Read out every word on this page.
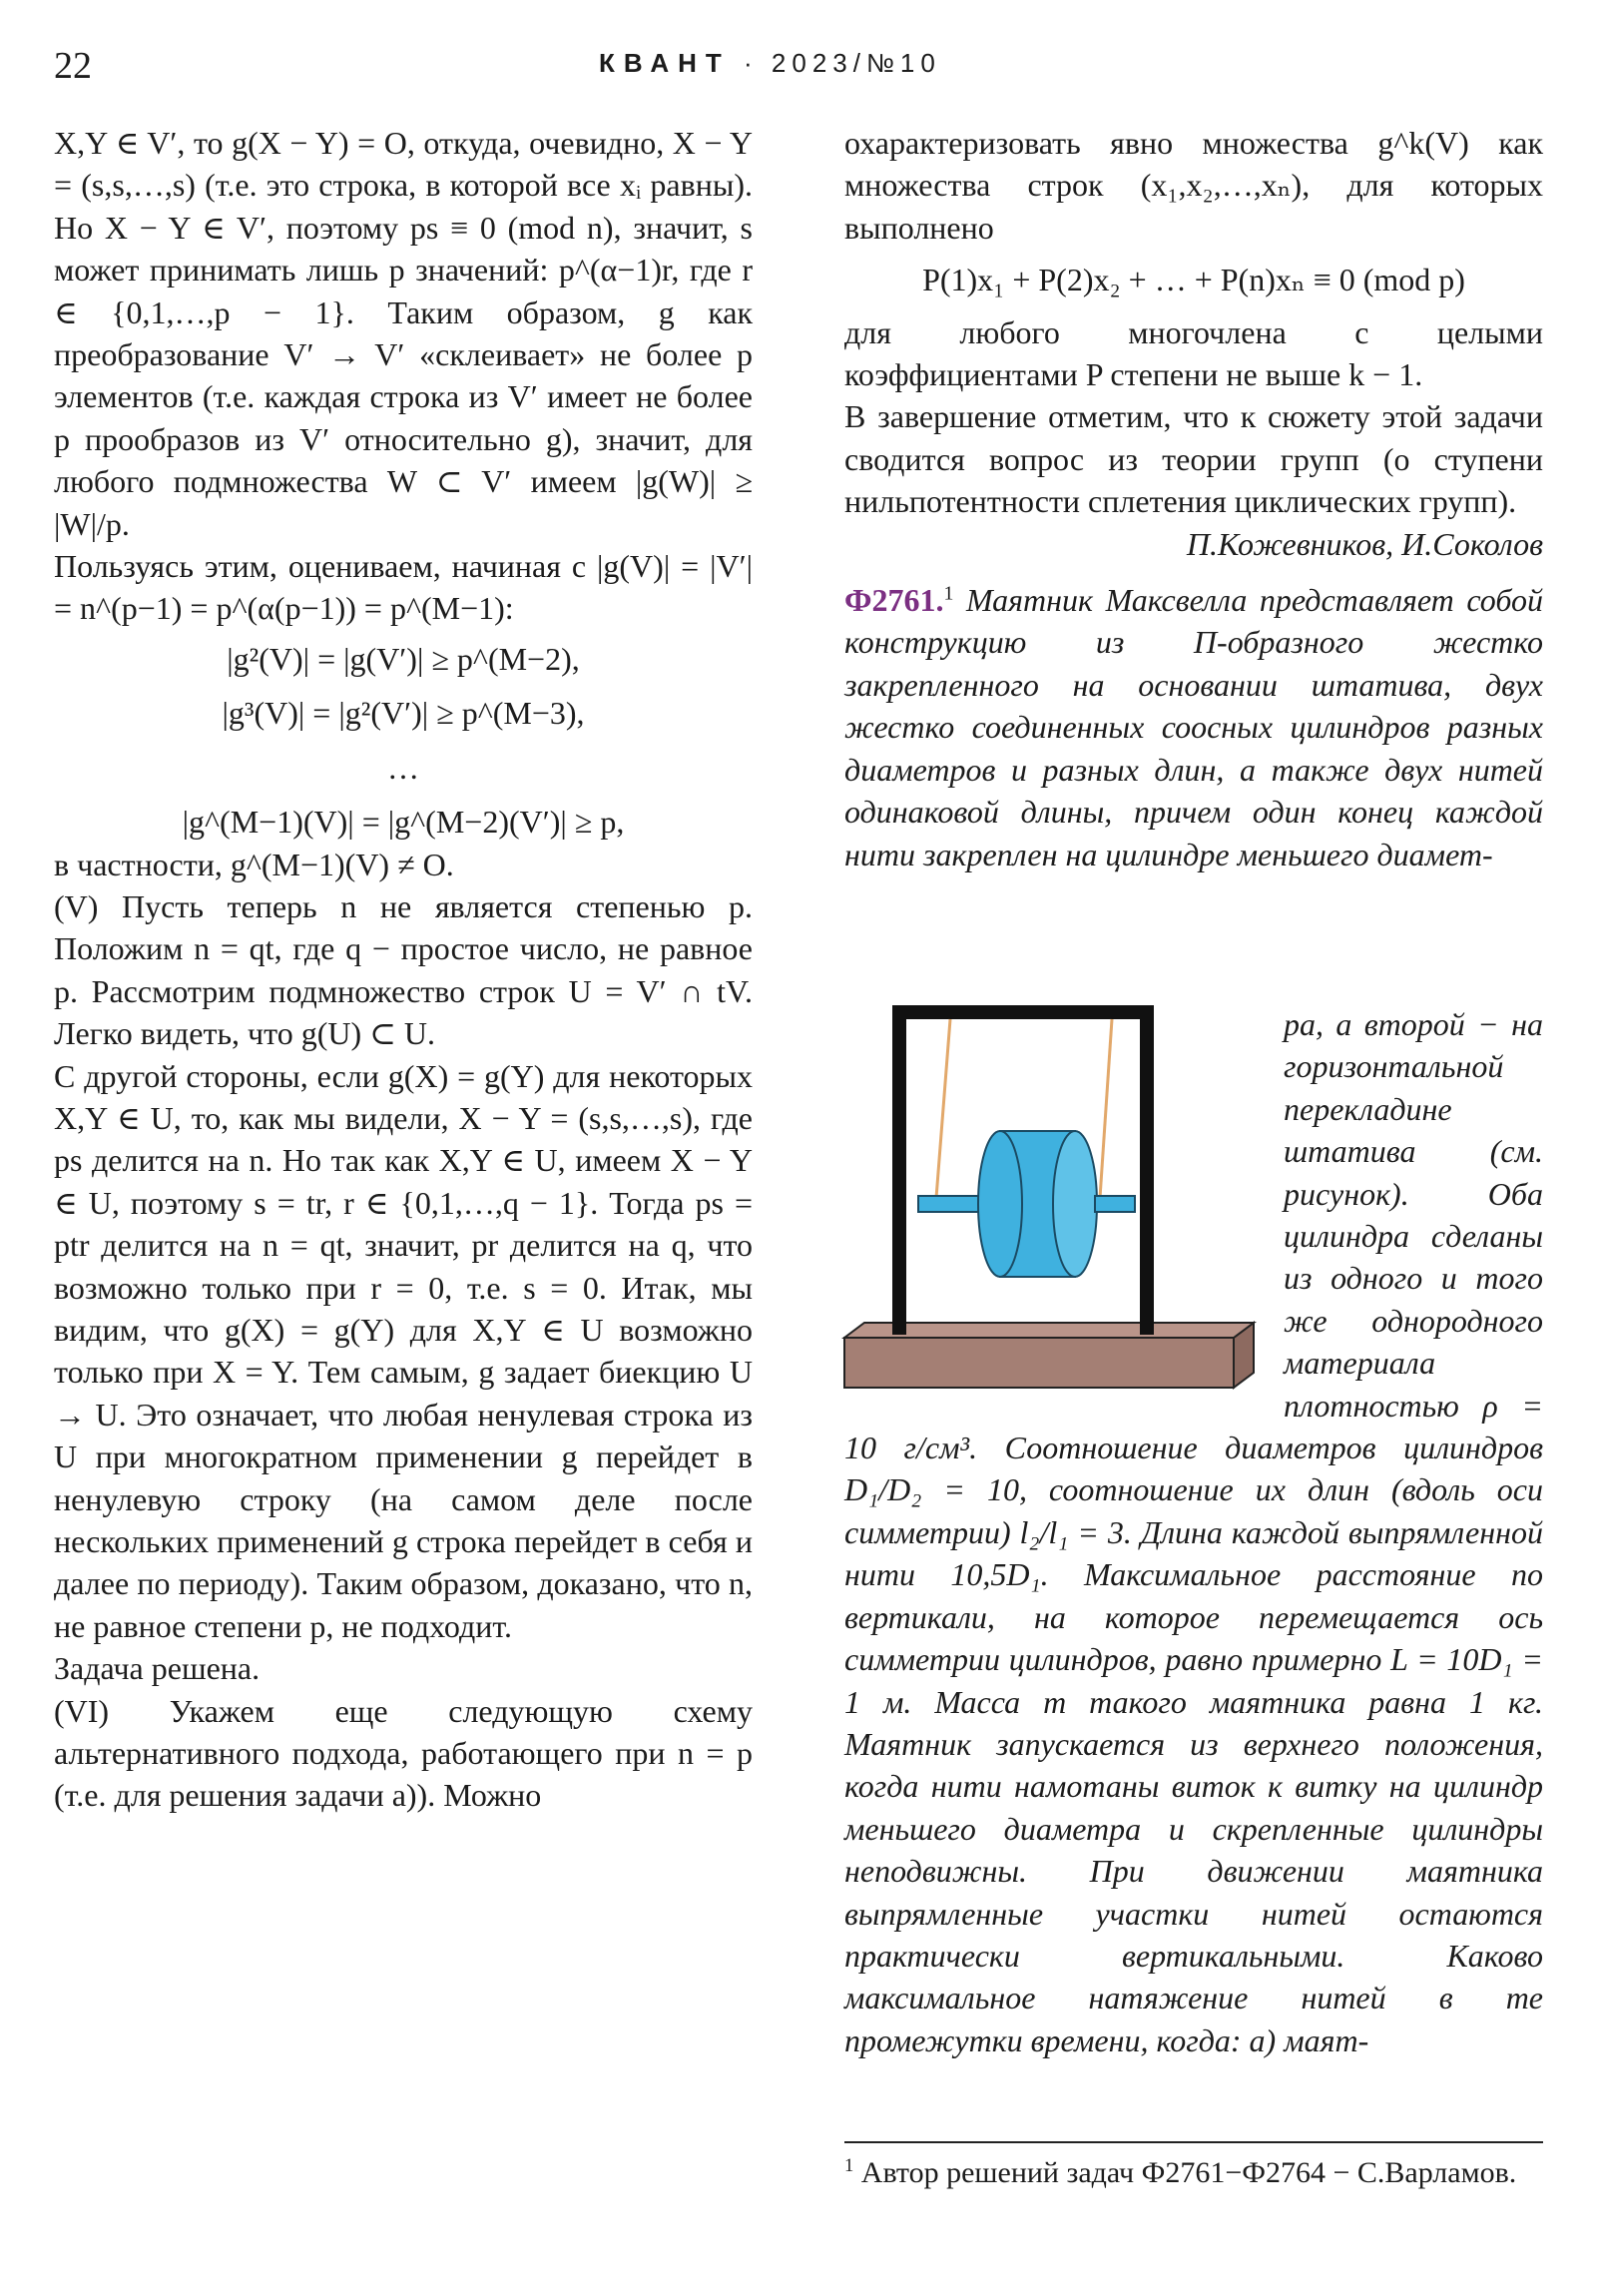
22	КВАНТ · 2023/№10

X,Y ∈ V′, то g(X − Y) = O, откуда, очевидно, X − Y = (s,s,…,s) (т.е. это строка, в которой все xᵢ равны). Но X − Y ∈ V′, поэтому ps ≡ 0 (mod n), значит, s может принимать лишь p значений: p^(α−1)r, где r ∈ {0,1,…,p − 1}. Таким образом, g как преобразование V′ → V′ «склеивает» не более p элементов (т.е. каждая строка из V′ имеет не более p прообразов из V′ относительно g), значит, для любого подмножества W ⊂ V′ имеем |g(W)| ≥ |W|/p.

Пользуясь этим, оцениваем, начиная с |g(V)| = |V′| = n^(p−1) = p^(α(p−1)) = p^(M−1):

|g²(V)| = |g(V′)| ≥ p^(M−2),

|g³(V)| = |g²(V′)| ≥ p^(M−3),

…

|g^(M−1)(V)| = |g^(M−2)(V′)| ≥ p,

в частности, g^(M−1)(V) ≠ O.

(V) Пусть теперь n не является степенью p. Положим n = qt, где q − простое число, не равное p. Рассмотрим подмножество строк U = V′ ∩ tV. Легко видеть, что g(U) ⊂ U.

С другой стороны, если g(X) = g(Y) для некоторых X,Y ∈ U, то, как мы видели, X − Y = (s,s,…,s), где ps делится на n. Но так как X,Y ∈ U, имеем X − Y ∈ U, поэтому s = tr, r ∈ {0,1,…,q − 1}. Тогда ps = ptr делится на n = qt, значит, pr делится на q, что возможно только при r = 0, т.е. s = 0. Итак, мы видим, что g(X) = g(Y) для X,Y ∈ U возможно только при X = Y. Тем самым, g задает биекцию U → U. Это означает, что любая ненулевая строка из U при многократном применении g перейдет в ненулевую строку (на самом деле после нескольких применений g строка перейдет в себя и далее по периоду). Таким образом, доказано, что n, не равное степени p, не подходит.

Задача решена.

(VI) Укажем еще следующую схему альтернативного подхода, работающего при n = p (т.е. для решения задачи а)). Можно

охарактеризовать явно множества g^k(V) как множества строк (x₁,x₂,…,xₙ), для которых выполнено

P(1)x₁ + P(2)x₂ + … + P(n)xₙ ≡ 0 (mod p)

для любого многочлена с целыми коэффициентами P степени не выше k − 1.

В завершение отметим, что к сюжету этой задачи сводится вопрос из теории групп (о ступени нильпотентности сплетения циклических групп).

П.Кожевников, И.Соколов

Ф2761.$^1$ Маятник Максвелла представляет собой конструкцию из П-образного жестко закрепленного на основании штатива, двух жестко соединенных соосных цилиндров разных диаметров и разных длин, а также двух нитей одинаковой длины, причем один конец каждой нити закреплен на цилиндре меньшего диамет-

ра, а второй − на горизонтальной перекладине штатива (см. рисунок). Оба цилиндра сделаны из одного и того же однородного материала плотностью ρ = 10 г/см³. Соотношение диаметров цилиндров D₁/D₂ = 10, соотношение их длин (вдоль оси симметрии) l₂/l₁ = 3. Длина каждой выпрямленной нити 10,5D₁. Максимальное расстояние по вертикали, на которое перемещается ось симметрии цилиндров, равно примерно L = 10D₁ = 1 м. Масса m такого маятника равна 1 кг. Маятник запускается из верхнего положения, когда нити намотаны виток к витку на цилиндр меньшего диаметра и скрепленные цилиндры неподвижны. При движении маятника выпрямленные участки нитей остаются практически вертикальными. Каково максимальное натяжение нитей в те промежутки времени, когда: а) маят-

$^1$ Автор решений задач Ф2761−Ф2764 − С.Варламов.
